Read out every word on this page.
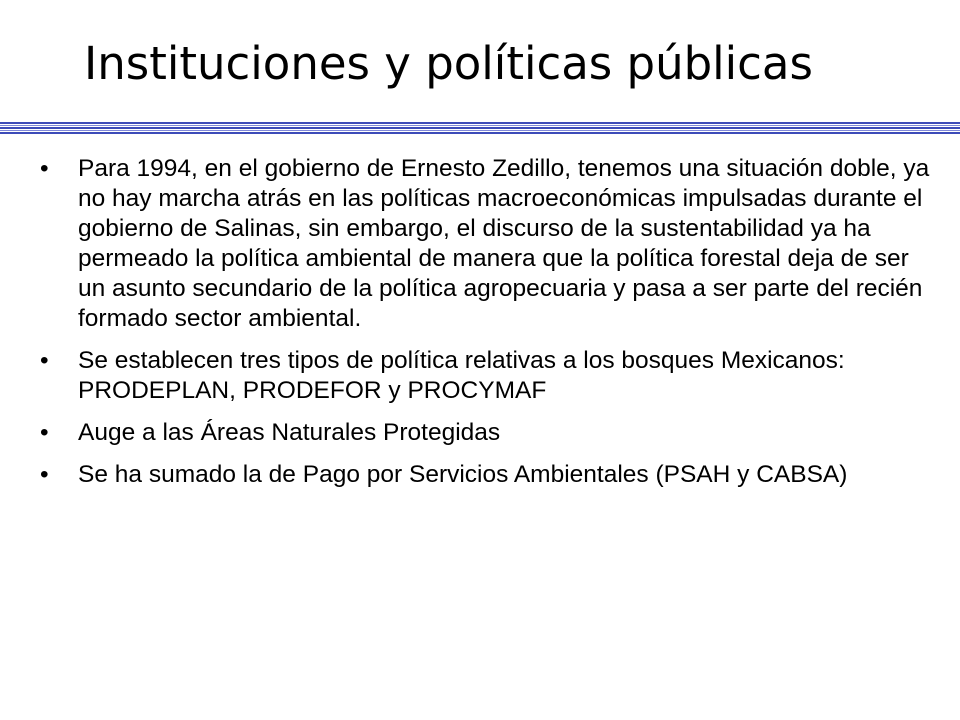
Instituciones y políticas públicas
•	Para 1994, en el gobierno de Ernesto Zedillo, tenemos una situación doble, ya no hay marcha atrás en las políticas macroeconómicas impulsadas durante el gobierno de Salinas, sin embargo, el discurso de la sustentabilidad ya ha permeado la política ambiental de manera que la política forestal deja de ser un asunto secundario de la política agropecuaria y pasa a ser parte del recién formado sector ambiental.
•	Se establecen tres tipos de política relativas a los bosques Mexicanos: PRODEPLAN, PRODEFOR y PROCYMAF
•	Auge a las Áreas Naturales Protegidas
•	Se ha sumado la de Pago por Servicios Ambientales (PSAH y CABSA)
